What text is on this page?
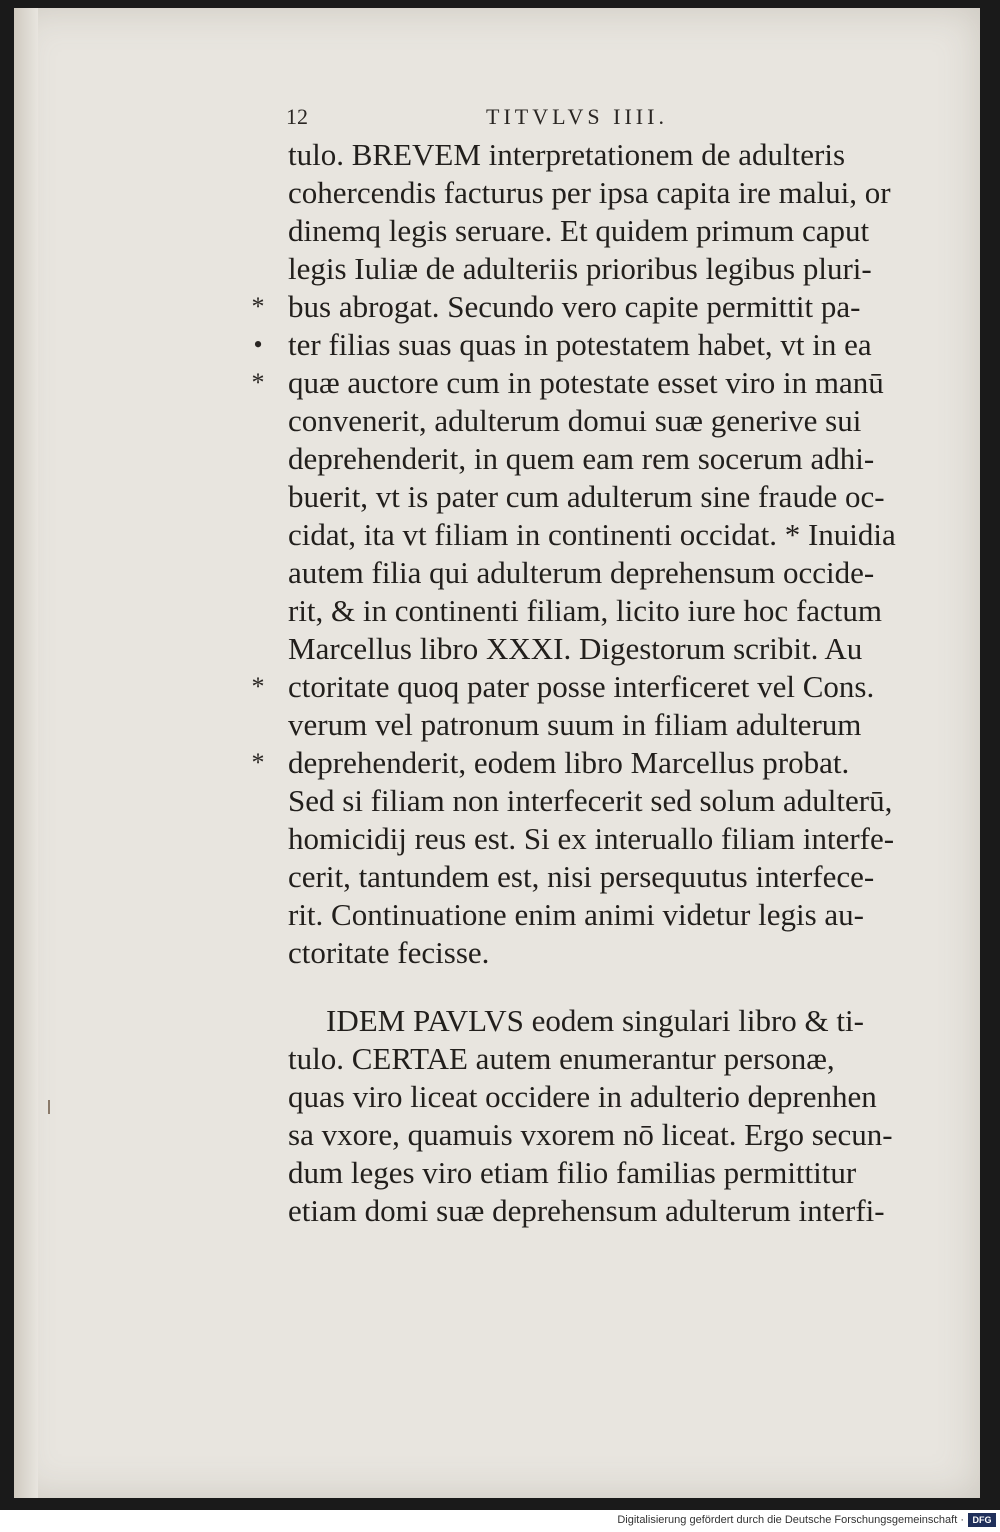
12	TITVLVS IIII.
*
•
*
*
*
tulo. BREVEM interpretationem de adulteris
cohercendis facturus per ipsa capita ire malui, or
dinemq legis seruare. Et quidem primum caput
legis Iuliæ de adulteriis prioribus legibus pluri-
bus abrogat. Secundo vero capite permittit pa-
ter filias suas quas in potestatem habet, vt in ea
quæ auctore cum in potestate esset viro in manū
convenerit, adulterum domui suæ generive sui
deprehenderit, in quem eam rem socerum adhi-
buerit, vt is pater cum adulterum sine fraude oc-
cidat, ita vt filiam in continenti occidat. * Inuidia
autem filia qui adulterum deprehensum occide-
rit, & in continenti filiam, licito iure hoc factum
Marcellus libro XXXI. Digestorum scribit. Au
ctoritate quoq pater posse interficeret vel Cons.
verum vel patronum suum in filiam adulterum
deprehenderit, eodem libro Marcellus probat.
Sed si filiam non interfecerit sed solum adulterū,
homicidij reus est. Si ex interuallo filiam interfe-
cerit, tantundem est, nisi persequutus interfece-
rit. Continuatione enim animi videtur legis au-
ctoritate fecisse.
IDEM PAVLVS eodem singulari libro & ti-
tulo. CERTAE autem enumerantur personæ,
quas viro liceat occidere in adulterio deprenhen
sa vxore, quamuis vxorem nō liceat. Ergo secun-
dum leges viro etiam filio familias permittitur
etiam domi suæ deprehensum adulterum interfi-
Digitalisierung gefördert durch die Deutsche Forschungsgemeinschaft · DFG
